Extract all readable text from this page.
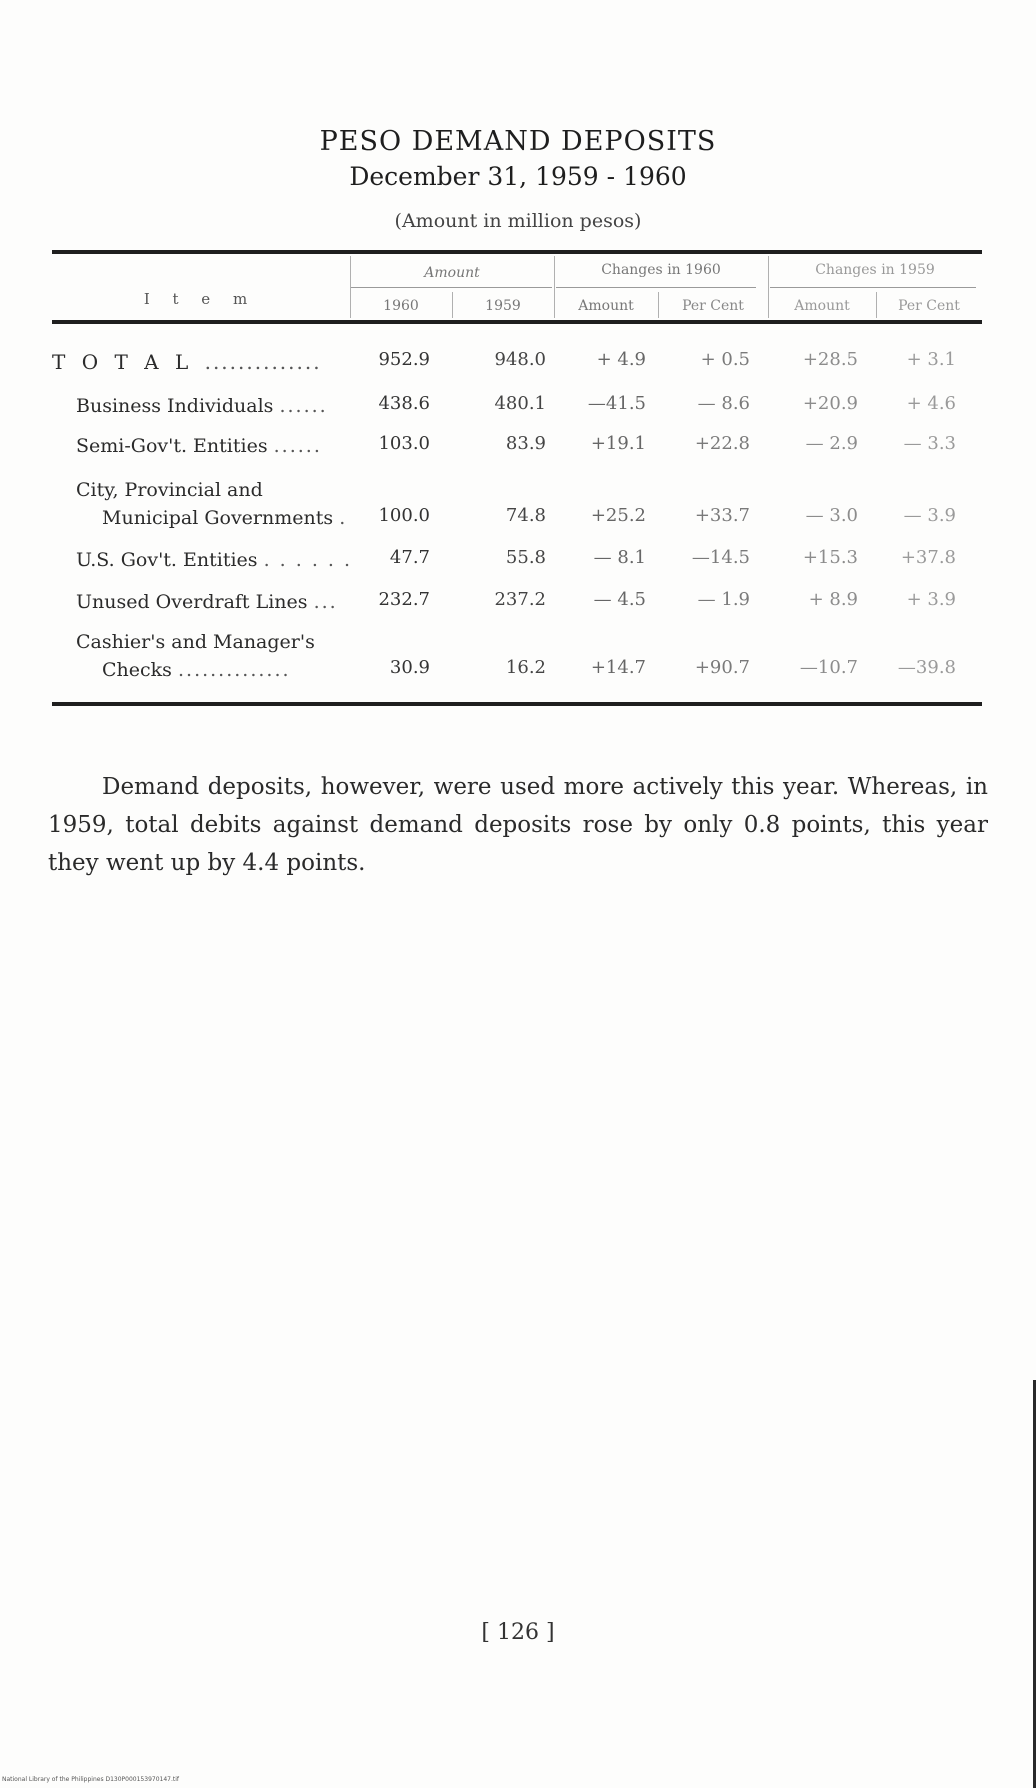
PESO DEMAND DEPOSITS
December 31, 1959 - 1960
(Amount in million pesos)
I t e m
Amount	Changes in 1960	Changes in 1959
1960	1959	Amount	Per Cent	Amount	Per Cent
T O T A L ..............	952.9	948.0	+ 4.9	+ 0.5	+28.5	+ 3.1
Business Individuals ......	438.6	480.1	—41.5	— 8.6	+20.9	+ 4.6
Semi-Gov't. Entities ......	103.0	83.9	+19.1	+22.8	— 2.9	— 3.3
City, Provincial and
Municipal Governments .	100.0	74.8	+25.2	+33.7	— 3.0	— 3.9
U.S. Gov't. Entities . . . . . .	47.7	55.8	— 8.1	—14.5	+15.3	+37.8
Unused Overdraft Lines ...	232.7	237.2	— 4.5	— 1.9	+ 8.9	+ 3.9
Cashier's and Manager's
Checks ..............	30.9	16.2	+14.7	+90.7	—10.7	—39.8
Demand deposits, however, were used more actively this year. Whereas, in 1959, total debits against demand deposits rose by only 0.8 points, this year they went up by 4.4 points.
[ 126 ]
National Library of the Philippines D130P000153970147.tif
